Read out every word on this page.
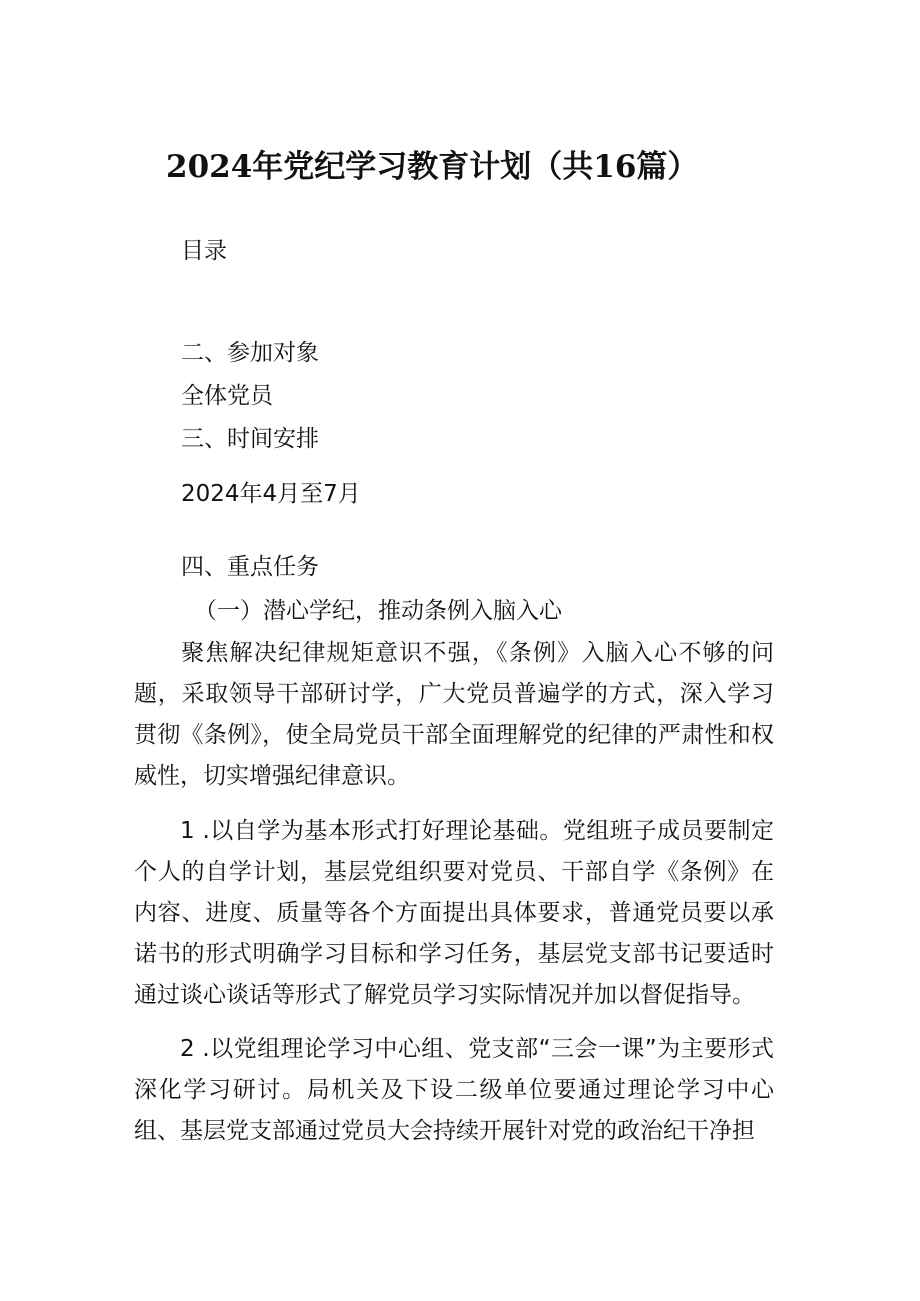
2024年党纪学习教育计划（共16篇）
目录
二、参加对象
全体党员
三、时间安排
2024年4月至7月
四、重点任务
（一）潜心学纪，推动条例入脑入心

聚焦解决纪律规矩意识不强，《条例》入脑入心不够的问题，采取领导干部研讨学，广大党员普遍学的方式，深入学习贯彻《条例》，使全局党员干部全面理解党的纪律的严肃性和权威性，切实增强纪律意识。

1 .以自学为基本形式打好理论基础。党组班子成员要制定个人的自学计划，基层党组织要对党员、干部自学《条例》在内容、进度、质量等各个方面提出具体要求，普通党员要以承诺书的形式明确学习目标和学习任务，基层党支部书记要适时通过谈心谈话等形式了解党员学习实际情况并加以督促指导。

2 .以党组理论学习中心组、党支部“三会一课”为主要形式深化学习研讨。局机关及下设二级单位要通过理论学习中心组、基层党支部通过党员大会持续开展针对党的政治纪干净担
